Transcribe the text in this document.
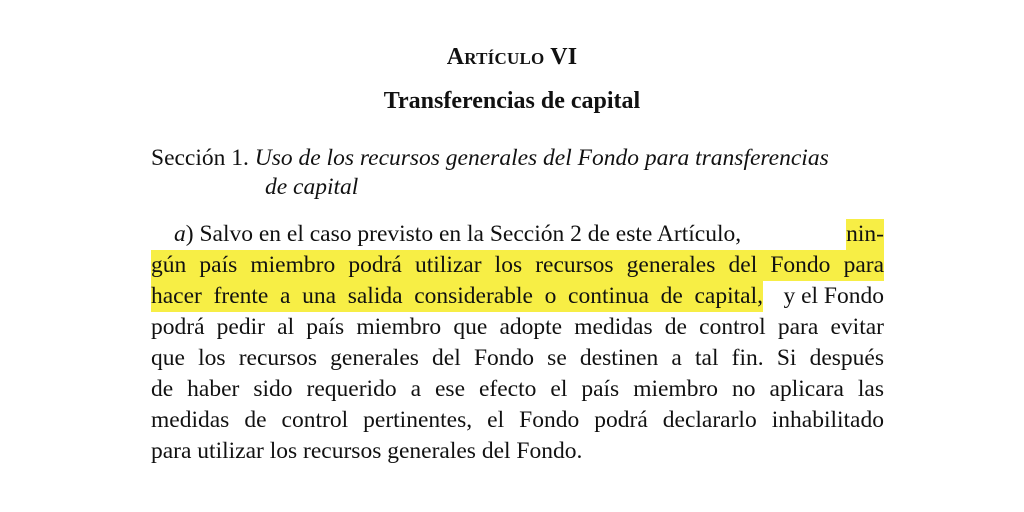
Artículo VI
Transferencias de capital
Sección 1. Uso de los recursos generales del Fondo para transferencias
de capital
a) Salvo en el caso previsto en la Sección 2 de este Artículo,	nin-
gún país miembro podrá utilizar los recursos generales del Fondo para
hacer frente a una salida considerable o continua de capital,y el Fondo
podrá pedir al país miembro que adopte medidas de control para evitar
que los recursos generales del Fondo se destinen a tal fin. Si después
de haber sido requerido a ese efecto el país miembro no aplicara las
medidas de control pertinentes, el Fondo podrá declararlo inhabilitado
para utilizar los recursos generales del Fondo.
